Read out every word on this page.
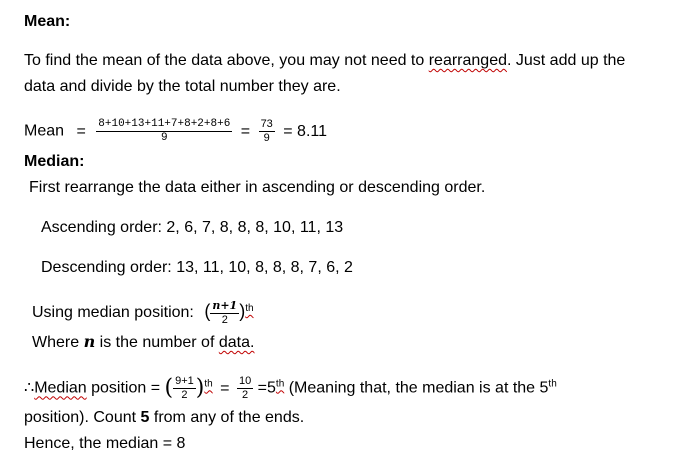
Mean:
To find the mean of the data above, you may not need to rearranged. Just add up the
data and divide by the total number they are.
Mean = $\frac{8+10+13+11+7+8+2+8+6}{9} = \frac{73}{9} = 8.11$
Median:
First rearrange the data either in ascending or descending order.
Ascending order: 2, 6, 7, 8, 8, 8, 10, 11, 13
Descending order: 13, 11, 10, 8, 8, 8, 7, 6, 2
Using median position: ( $\frac{n+1}{2} )^{th}$
Where n is the number of data.
∴Median position = ( $\frac{9+1}{2} )^{th} = \frac{10}{2} =5th$ (Meaning that, the median is at the 5th
position). Count 5 from any of the ends.
Hence, the median = 8
